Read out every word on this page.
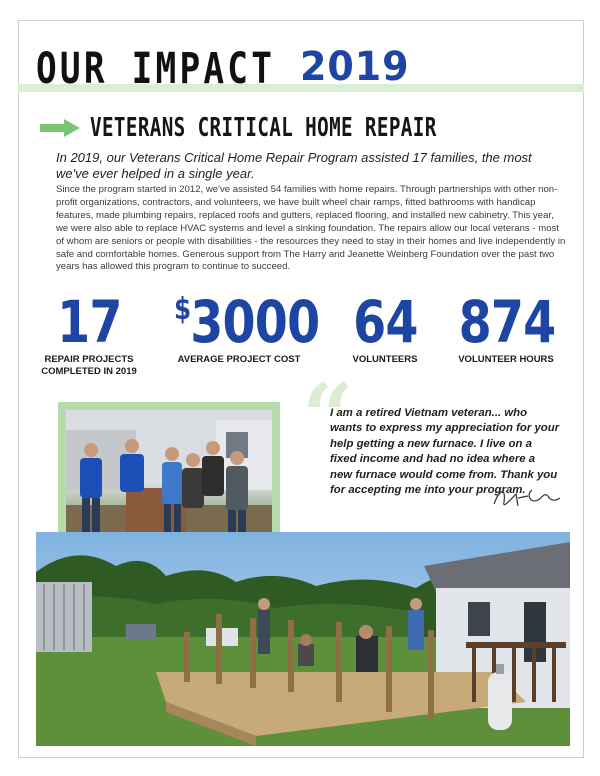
OUR IMPACT 2019
VETERANS CRITICAL HOME REPAIR

In 2019, our Veterans Critical Home Repair Program assisted 17 families, the most we've ever helped in a single year.

Since the program started in 2012, we've assisted 54 families with home repairs. Through partnerships with other non-profit organizations, contractors, and volunteers, we have built wheel chair ramps, fitted bathrooms with handicap features, made plumbing repairs, replaced roofs and gutters, replaced flooring, and installed new cabinetry. This year, we were also able to replace HVAC systems and level a sinking foundation. The repairs allow our local veterans - most of whom are seniors or people with disabilities - the resources they need to stay in their homes and live independently in safe and comfortable homes. Generous support from The Harry and Jeanette Weinberg Foundation over the past two years has allowed this program to continue to succeed.

17
REPAIR PROJECTS
COMPLETED IN 2019
$3000
AVERAGE PROJECT COST
64
VOLUNTEERS
874
VOLUNTEER HOURS
“

I am a retired Vietnam veteran... who wants to express my appreciation for your help getting a new furnace. I live on a fixed income and had no idea where a new furnace would come from. Thank you for accepting me into your program.
